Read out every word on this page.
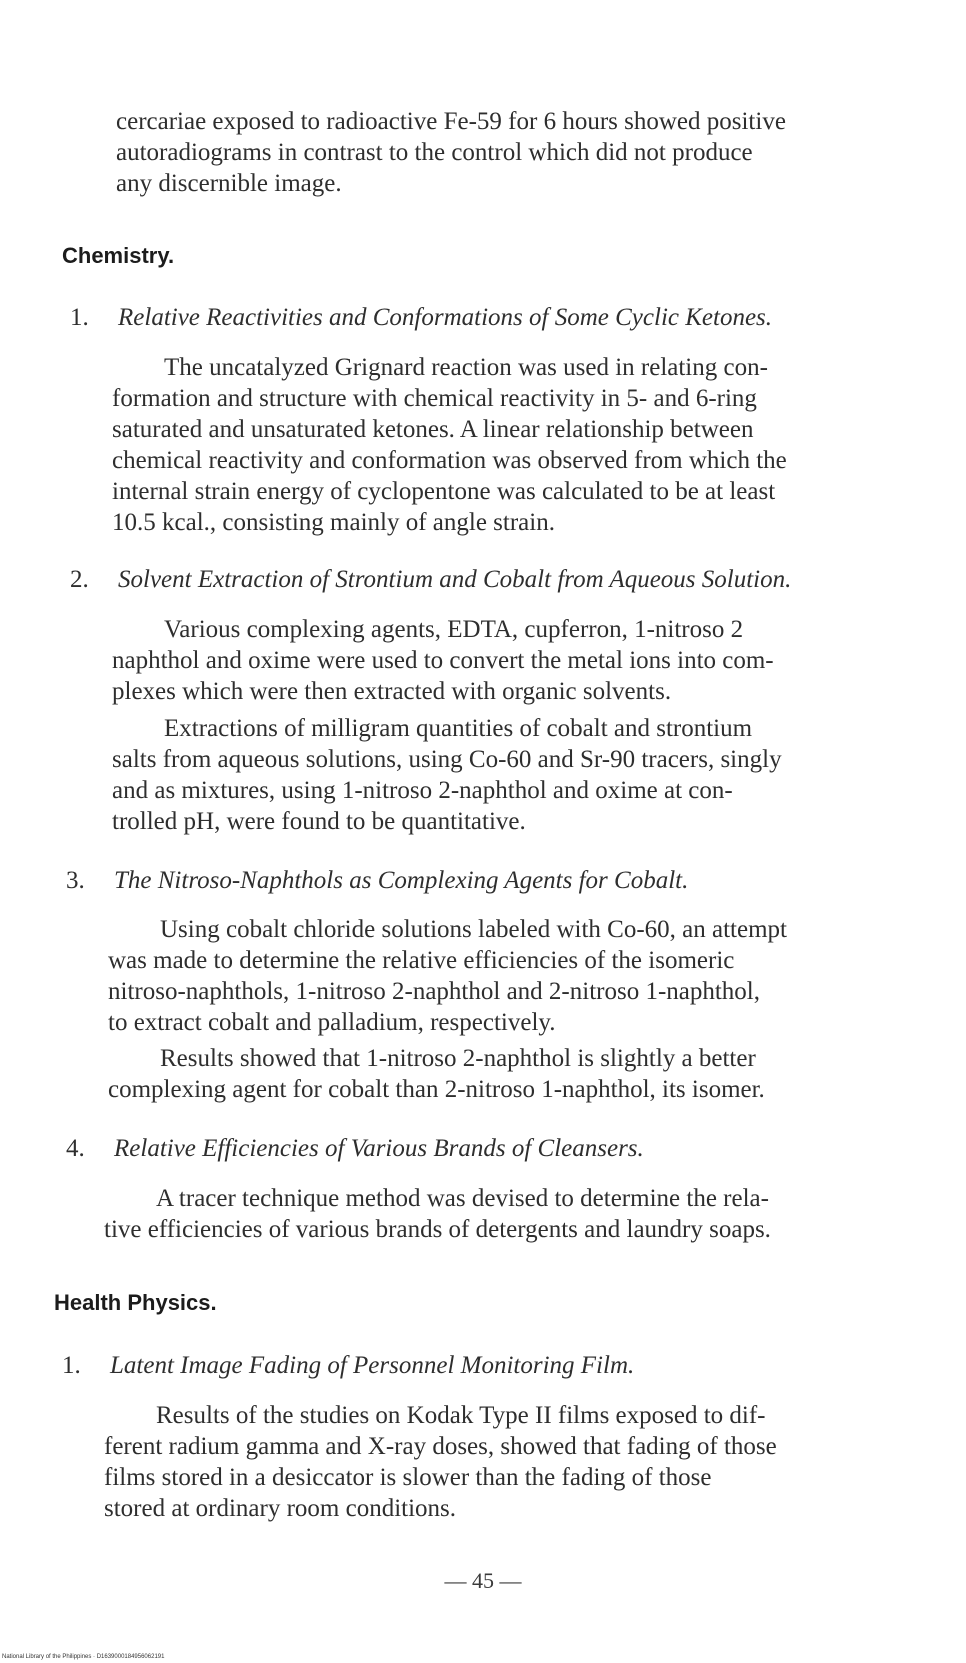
cercariae exposed to radioactive Fe-59 for 6 hours showed positive
autoradiograms in contrast to the control which did not produce
any discernible image.

Chemistry.
1. Relative Reactivities and Conformations of Some Cyclic Ketones.

The uncatalyzed Grignard reaction was used in relating con-
formation and structure with chemical reactivity in 5- and 6-ring
saturated and unsaturated ketones. A linear relationship between
chemical reactivity and conformation was observed from which the
internal strain energy of cyclopentone was calculated to be at least
10.5 kcal., consisting mainly of angle strain.

2. Solvent Extraction of Strontium and Cobalt from Aqueous Solution.

Various complexing agents, EDTA, cupferron, 1-nitroso 2
naphthol and oxime were used to convert the metal ions into com-
plexes which were then extracted with organic solvents.

Extractions of milligram quantities of cobalt and strontium
salts from aqueous solutions, using Co-60 and Sr-90 tracers, singly
and as mixtures, using 1-nitroso 2-naphthol and oxime at con-
trolled pH, were found to be quantitative.

3. The Nitroso-Naphthols as Complexing Agents for Cobalt.

Using cobalt chloride solutions labeled with Co-60, an attempt
was made to determine the relative efficiencies of the isomeric
nitroso-naphthols, 1-nitroso 2-naphthol and 2-nitroso 1-naphthol,
to extract cobalt and palladium, respectively.

Results showed that 1-nitroso 2-naphthol is slightly a better
complexing agent for cobalt than 2-nitroso 1-naphthol, its isomer.

4. Relative Efficiencies of Various Brands of Cleansers.

A tracer technique method was devised to determine the rela-
tive efficiencies of various brands of detergents and laundry soaps.

Health Physics.
1. Latent Image Fading of Personnel Monitoring Film.

Results of the studies on Kodak Type II films exposed to dif-
ferent radium gamma and X-ray doses, showed that fading of those
films stored in a desiccator is slower than the fading of those
stored at ordinary room conditions.

— 45 —
National Library of the Philippines · D1639000184956062191
